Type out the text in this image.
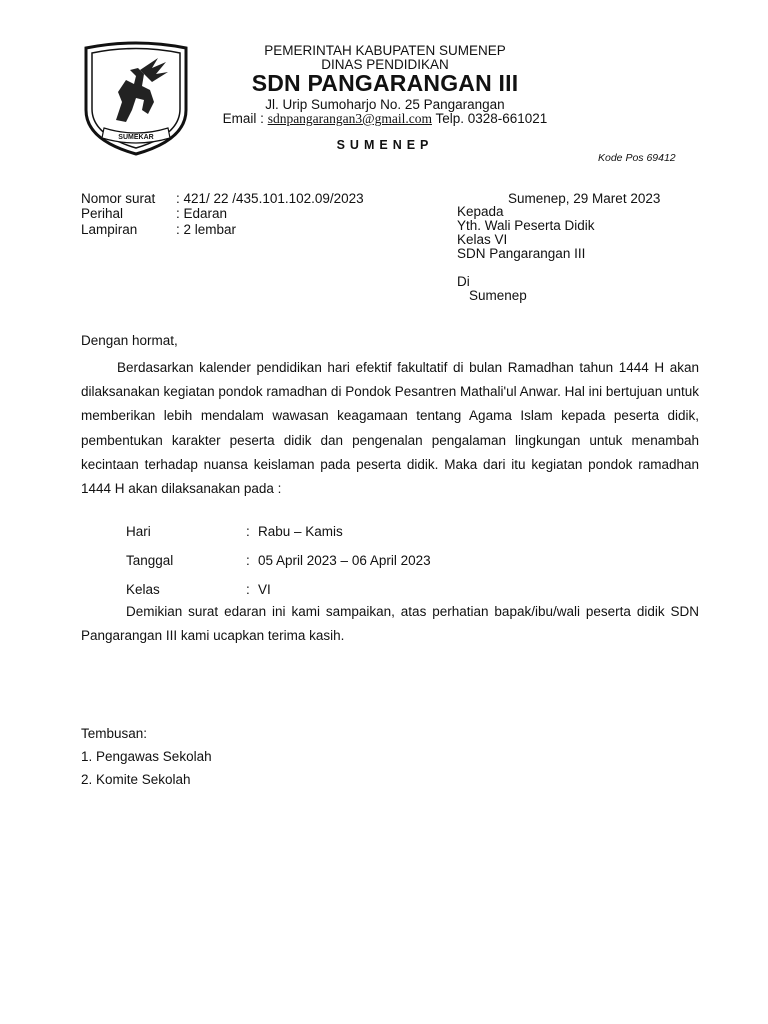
SUMEKAR
PEMERINTAH KABUPATEN SUMENEP
DINAS PENDIDIKAN
SDN PANGARANGAN III
Jl. Urip Sumoharjo No. 25 Pangarangan
Email : sdnpangarangan3@gmail.com Telp. 0328-661021
SUMENEP
Kode Pos 69412
Nomor surat : 421/ 22 /435.101.102.09/2023
Perihal	: Edaran
Lampiran	: 2 lembar
Sumenep, 29 Maret 2023
Kepada
Yth. Wali Peserta Didik
Kelas VI
SDN Pangarangan III
Di
Sumenep
Dengan hormat,

Berdasarkan kalender pendidikan hari efektif fakultatif di bulan Ramadhan tahun 1444 H akan dilaksanakan kegiatan pondok ramadhan di Pondok Pesantren Mathali'ul Anwar. Hal ini bertujuan untuk memberikan lebih mendalam wawasan keagamaan tentang Agama Islam kepada peserta didik, pembentukan karakter peserta didik dan pengenalan pengalaman lingkungan untuk menambah kecintaan terhadap nuansa keislaman pada peserta didik. Maka dari itu kegiatan pondok ramadhan 1444 H akan dilaksanakan pada :

Hari	: Rabu – Kamis
Tanggal	: 05 April 2023 – 06 April 2023
Kelas	: VI

Demikian surat edaran ini kami sampaikan, atas perhatian bapak/ibu/wali peserta didik SDN Pangarangan III kami ucapkan terima kasih.

Tembusan:
1. Pengawas Sekolah
2. Komite Sekolah
